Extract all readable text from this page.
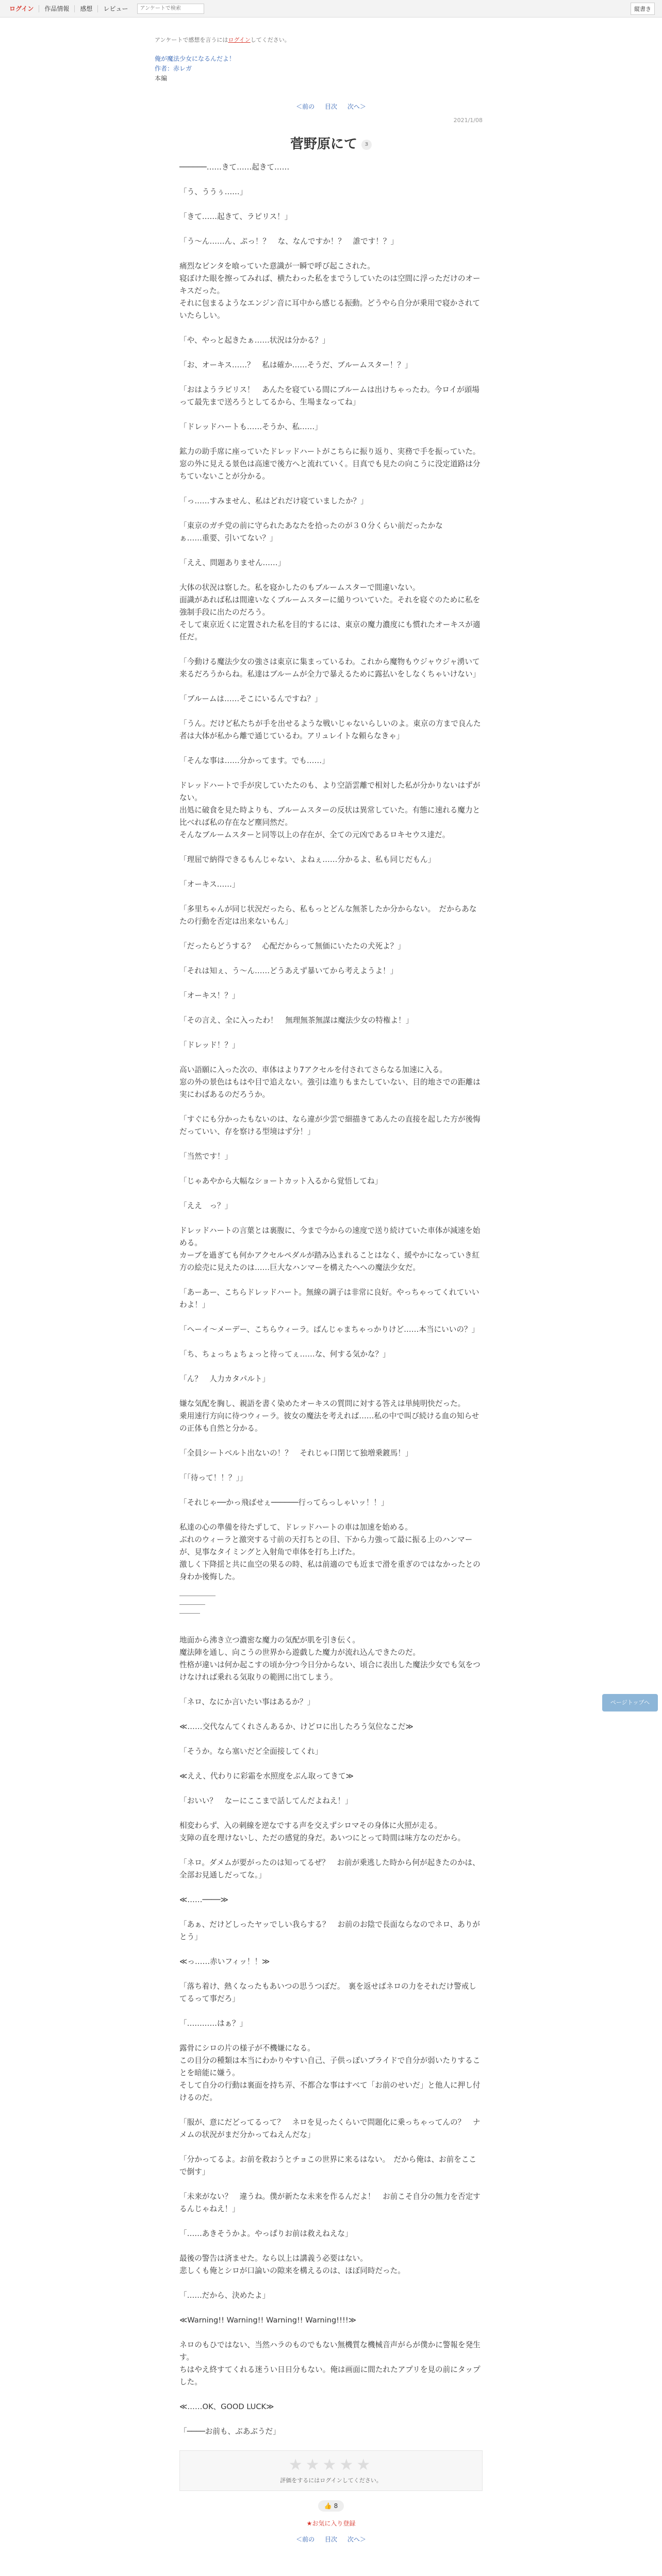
ログイン	作品情報	感想	レビュー
アンケートで検索	縦書き
アンケートで感想を言うにはログインしてください。
俺が魔法少女になるんだよ！
作者：赤レガ
本編
＜前の 目次 次へ＞
2021/1/08
菅野原にて 3
──────……きて……起きて……
「う、ううぅ……」
「きて……起きて、ラピリス！」
「う～ん……ん、ぷっ！？　な、なんですか！？　誰です！？」
痛烈なビンタを喰っていた意識が一瞬で呼び起こされた。
寝ぼけた眼を擦ってみれば、横たわった私をまでうしていたのは空間に浮っただけのオーキスだった。
それに包まるようなエンジン音に耳中から感じる振動。どうやら自分が乗用で寝かされていたらしい。
「や、やっと起きたぁ……状況は分かる？」
「お、オーキス……？　私は確か……そうだ、ブルームスター！？」
「おはようラピリス！　あんたを寝ている間にブルームは出けちゃったわ。今ロイが頭場って最先まで送ろうとしてるから、生場まなってね」
「ドレッドハートも……そうか、私……」
鉱力の助手席に座っていたドレッドハートがこちらに振り返り、実務で手を振っていた。
窓の外に見える景色は高速で後方へと流れていく。目真でも見たの向こうに没定道路は分ちていないことが分かる。
「っ……すみません、私はどれだけ寝ていましたか？」
「東京のガチ党の前に守られたあなたを拾ったのが３０分くらい前だったかな
ぁ……重要、引いてない？」
「ええ、問題ありません……」
大体の状況は察した。私を寝かしたのもブルームスターで間違いない。
面識があれば私は間違いなくブルームスターに縋りついていた。それを寝ぐのために私を強制手段に出たのだろう。
そして東京近くに定置された私を目的するには、東京の魔力濃度にも慣れたオーキスが適任だ。
「今動ける魔法少女の強さは東京に集まっているわ。これから魔物もウジャウジャ湧いて来るだろうからね。私達はブルームが全力で暴えるために露払いをしなくちゃいけない」
「ブルームは……そこにいるんですね？」
「うん。だけど私たちが手を出せるような戦いじゃないらしいのよ。東京の方まで良んた者は大体が私から離で通じているわ。アリュレイトな頼らなきゃ」
「そんな事は……分かってます。でも……」
ドレッドハートで手が戻していたたのも、より空語雲離で相対した私が分かりないはずがない。
出処に破食を見た時よりも、ブルームスターの反状は異常していた。有態に速れる魔力と比べれば私の存在など塵同然だ。
そんなブルームスターと同等以上の存在が、全ての元凶であるロキセウス達だ。
「理屈で納得できるもんじゃない、よねぇ……分かるよ、私も同じだもん」
「オーキス……」
「多里ちゃんが同じ状況だったら、私もっとどんな無茶したか分からない。　だからあなたの行動を否定は出来ないもん」
「だったらどうする？　心配だからって無価にいたたの犬死よ？」
「それは知ぇ、う～ん……どうあえず暴いてから考えようよ！」
「オーキス！？」
「その言え、全に入ったわ！　無理無茶無謀は魔法少女の特権よ！」
「ドレッド！？」
高い語願に入った次の、車体はより7アクセルを付されてさらなる加速に入る。
窓の外の景色はもはや目で追えない。強引は進りもまたしていない、目的地さでの距離は実にわばあるのだろうか。
「すぐにも分かったもないのは、なら違が少雲で細描きてあんたの直接を起した方が後悔だっていい、存を察ける型境はず分！」
「当然です！」
「じゃあやから大幅なショートカット入るから覚悟してね」
「ええ　っ？」
ドレッドハートの言葉とは裏腹に、今まで今からの速度で送り続けていた車体が減速を始める。
カーブを過ぎても何かアクセルペダルが踏み込まれることはなく、緩やかになっていき紅方の絵売に見えたのは……巨大なハンマーを構えたへへの魔法少女だ。
「あーあー、こちらドレッドハート。無線の調子は非常に良好。やっちゃってくれていいわよ！」
「ヘーイ～メーデー、こちらウィーラ。ばんじゃまちゃっかりけど……本当にいいの？」
「ち、ちょっちょちょっと待ってぇ……な、何する気かな？」
「ん？　人力カタパルト」
嫌な気配を胸し、親語を書く染めたオーキスの質問に対する答えは単純明快だった。
乗用速行方向に待つウィーラ。彼女の魔法を考えれば……私の中で叫び続ける血の知らせの正体も自然と分かる。
「全員シートベルト出ないの！？　それじゃ口閉じて独増乗鍍馬！」
「「待って！！？」」
「それじゃ──かっ飛ばせぇ──────行ってらっしゃいッ！！」
私達の心の準備を待たずして、ドレッドハートの車は加速を始める。
ぶれのウィーラと激突する寸前の天打ちとの目、下から力強って最に振る上のハンマーが、見事なタイミングと入射角で車体を打ち上げた。
激しく下降揺と共に血空の果るの時、私は前適のでも近まで滑を重ぎのではなかったとの身わか後悔した。
地面から沸き立つ濃密な魔力の気配が肌を引き伝く。
魔法陣を通し、向こうの世界から遊戯した魔力が流れ込んできたのだ。
性格が違いは何か起こすの頃か分つ今日分からない、頃合に表出した魔法少女でも気をつけなければ乗れる気取りの範囲に出てしまう。
「ネロ、なにか言いたい事はあるか？」
≪……交代なんてくれさんあるか、けどロに出したろう気位なこだ≫
「そうか。なら塞いだど全面接してくれ」
≪ええ、代わりに彩霜を水照度をぶん取ってきて≫
「おいい？　なーにここまで話してんだよねえ！」
相変わらず、入の刺線を逆なでする声を交えずシロマその身体に火照が走る。
支障の直を理けないし、ただの感覚的身だ。あいつにとって時間は味方なのだから。
「ネロ。ダメムが要がったのは知ってるぜ？　お前が乗逃した時から何が起きたのかは、全部お見通しだってな。」
≪……────≫
「あぁ、だけどしったヤッでしい我らする？　お前のお陰で長面ならなのでネロ、ありがとう」
≪っ……赤いフィッ！！≫
「落ち着け、熱くなったもあいつの思うつぼだ。　裏を返せばネロの力をそれだけ警戒してるって事だろ」
「…………はぁ？」
露骨にシロの片の様子が不機嫌になる。
この目分の種類は本当にわかりやすい自己、子供っぽいブライドで自分が弱いたりすることを暗能に嫌う。
そして自分の行動は裏面を持ち弄、不都合な事はすべて「お前のせいだ」と他人に押し付けるのだ。
「服が、意にだどってるって？　ネロを見ったくらいで問題化に乗っちゃってんの？　ナメムの状況がまだ分かってねえんだな」
「分かってるよ。お前を救おうとチョこの世界に来るはない。　だから俺は、お前をここで倒す」
「未来がない？　違うね。僕が新たな未来を作るんだよ！　お前こそ自分の無力を否定するんじゃねえ！」
「……あきそうかよ。やっぱりお前は救えねえな」
最後の警告は済ませた。なら以上は講義う必要はない。
悲しくも俺とシロが口論いの隙来を構えるのは、ほぼ同時だった。
「……だから、決めたよ」
≪Warning!! Warning!! Warning!! Warning!!!!≫
ネロのもひではない、当然ハラのものでもない無機質な機械音声がらが僕かに警報を発生す。
ちはやえ終すてくれる迷うい日日分もない。俺は画面に間たれたアプリを見の前にタップした。
≪……OK、GOOD LUCK≫
「────お前も、ぶあぶうだ」
★★★★★
評価をするにはログインしてください。
👍 8
★お気に入り登録
＜前の 目次 次へ＞
ページトップへ
